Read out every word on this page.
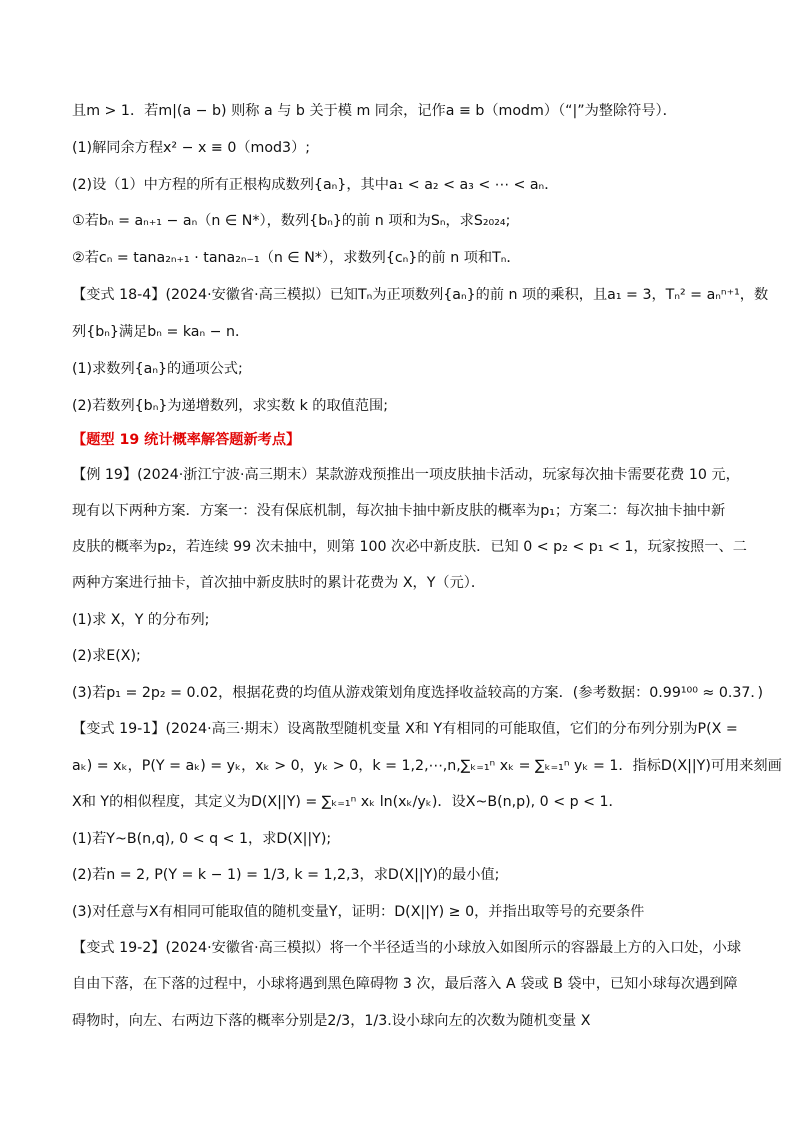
且m > 1．若m|(a − b) 则称 a 与 b 关于模 m 同余，记作a ≡ b（modm）（“|”为整除符号）．
(1)解同余方程x² − x ≡ 0（mod3）;
(2)设（1）中方程的所有正根构成数列{aₙ}，其中a₁ < a₂ < a₃ < ⋯ < aₙ．
①若bₙ = aₙ₊₁ − aₙ（n ∈ N*），数列{bₙ}的前 n 项和为Sₙ，求S₂₀₂₄;
②若cₙ = tana₂ₙ₊₁ · tana₂ₙ₋₁（n ∈ N*），求数列{cₙ}的前 n 项和Tₙ．
【变式 18-4】(2024·安徽省·高三模拟）已知Tₙ为正项数列{aₙ}的前 n 项的乘积，且a₁ = 3，Tₙ² = aₙⁿ⁺¹，数
列{bₙ}满足bₙ = kaₙ − n．
(1)求数列{aₙ}的通项公式;
(2)若数列{bₙ}为递增数列，求实数 k 的取值范围;
【题型 19 统计概率解答题新考点】
【例 19】(2024·浙江宁波·高三期末）某款游戏预推出一项皮肤抽卡活动，玩家每次抽卡需要花费 10 元，
现有以下两种方案．方案一：没有保底机制，每次抽卡抽中新皮肤的概率为p₁；方案二：每次抽卡抽中新
皮肤的概率为p₂，若连续 99 次未抽中，则第 100 次必中新皮肤．已知 0 < p₂ < p₁ < 1，玩家按照一、二
两种方案进行抽卡，首次抽中新皮肤时的累计花费为 X，Y（元）．
(1)求 X，Y 的分布列;
(2)求E(X);
(3)若p₁ = 2p₂ = 0.02，根据花费的均值从游戏策划角度选择收益较高的方案．(参考数据：0.99¹⁰⁰ ≈ 0.37．)
【变式 19-1】(2024·高三·期末）设离散型随机变量 X和 Y有相同的可能取值，它们的分布列分别为P(X =
aₖ) = xₖ，P(Y = aₖ) = yₖ，xₖ > 0，yₖ > 0，k = 1,2,⋯,n,∑ₖ₌₁ⁿ xₖ = ∑ₖ₌₁ⁿ yₖ = 1．指标D(X||Y)可用来刻画
X和 Y的相似程度，其定义为D(X||Y) = ∑ₖ₌₁ⁿ xₖ ln(xₖ/yₖ)．设X~B(n,p), 0 < p < 1．
(1)若Y~B(n,q), 0 < q < 1，求D(X||Y);
(2)若n = 2, P(Y = k − 1) = 1/3, k = 1,2,3，求D(X||Y)的最小值;
(3)对任意与X有相同可能取值的随机变量Y，证明：D(X||Y) ≥ 0，并指出取等号的充要条件
【变式 19-2】(2024·安徽省·高三模拟）将一个半径适当的小球放入如图所示的容器最上方的入口处，小球
自由下落，在下落的过程中，小球将遇到黑色障碍物 3 次，最后落入 A 袋或 B 袋中，已知小球每次遇到障
碍物时，向左、右两边下落的概率分别是2/3，1/3.设小球向左的次数为随机变量 X
